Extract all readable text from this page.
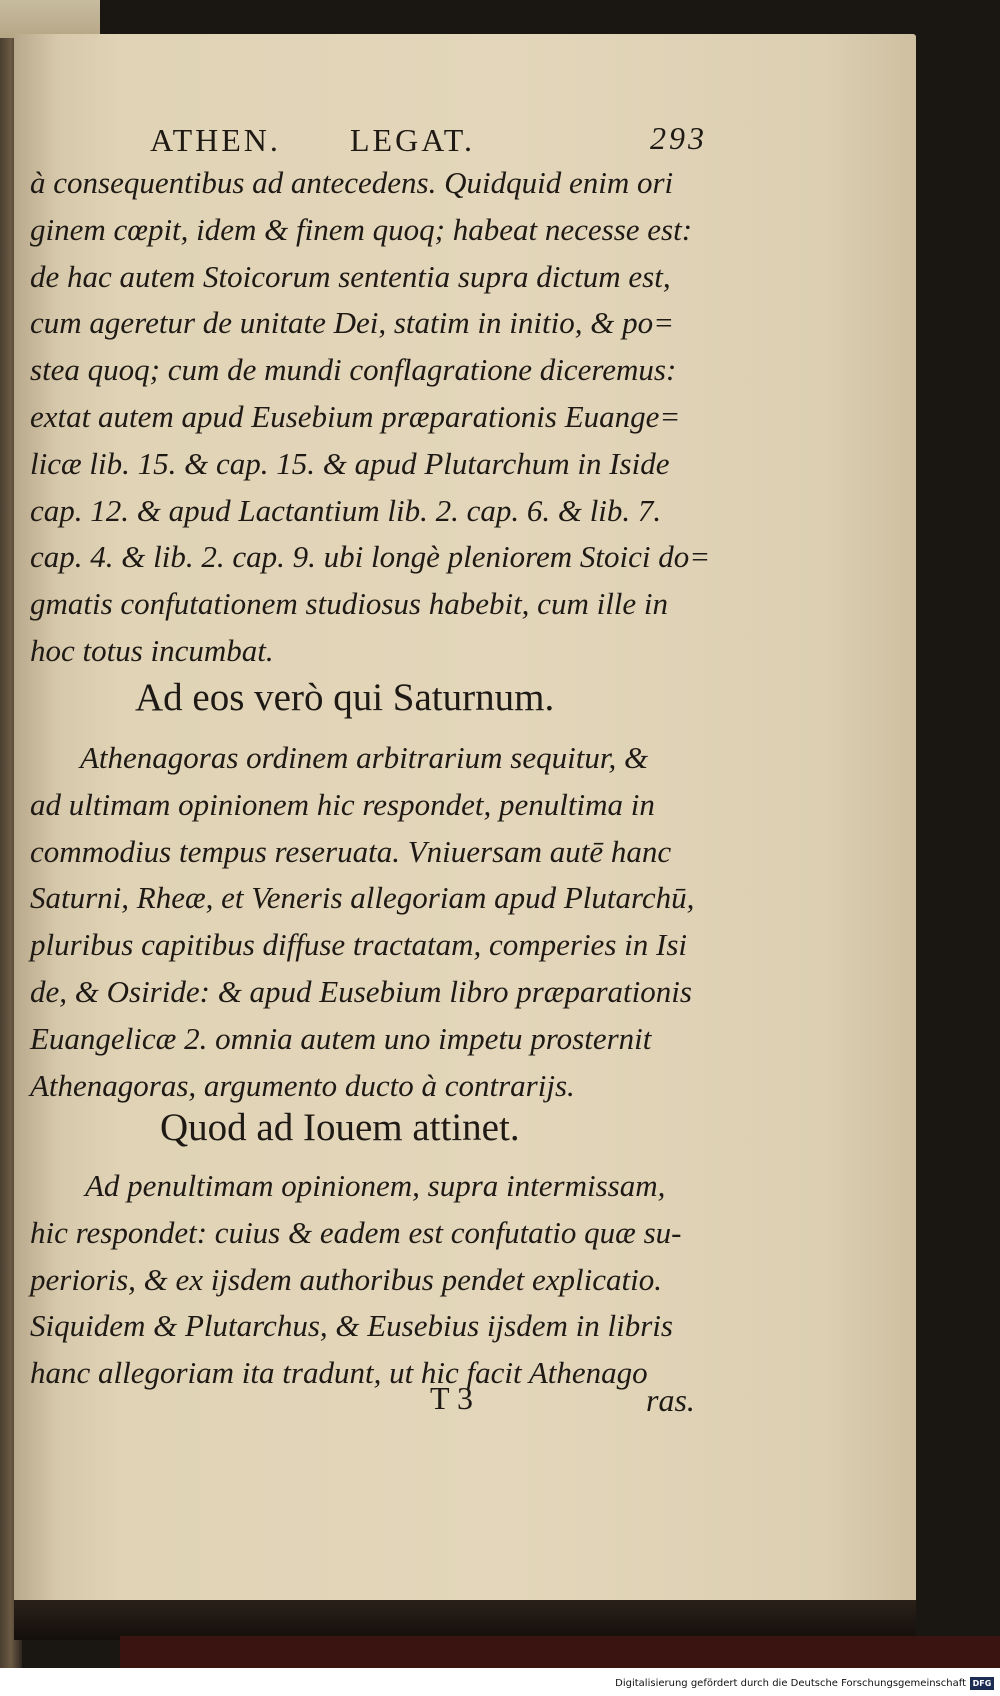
ATHEN. LEGAT.	293
à consequentibus ad antecedens. Quidquid enim ori
ginem cœpit, idem & finem quoq; habeat necesse est:
de hac autem Stoicorum sententia supra dictum est,
cum ageretur de unitate Dei, statim in initio, & po=
stea quoq; cum de mundi conflagratione diceremus:
extat autem apud Eusebium præparationis Euange=
licæ lib. 15. & cap. 15. & apud Plutarchum in Iside
cap. 12. & apud Lactantium lib. 2. cap. 6. & lib. 7.
cap. 4. & lib. 2. cap. 9. ubi longè pleniorem Stoici do=
gmatis confutationem studiosus habebit, cum ille in
hoc totus incumbat.
Ad eos verò qui Saturnum.
Athenagoras ordinem arbitrarium sequitur, &
ad ultimam opinionem hic respondet, penultima in
commodius tempus reseruata. Vniuersam autē hanc
Saturni, Rheæ, et Veneris allegoriam apud Plutarchū,
pluribus capitibus diffuse tractatam, comperies in Isi
de, & Osiride: & apud Eusebium libro præparationis
Euangelicæ 2. omnia autem uno impetu prosternit
Athenagoras, argumento ducto à contrarijs.
Quod ad Iouem attinet.
Ad penultimam opinionem, supra intermissam,
hic respondet: cuius & eadem est confutatio quæ su-
perioris, & ex ijsdem authoribus pendet explicatio.
Siquidem & Plutarchus, & Eusebius ijsdem in libris
hanc allegoriam ita tradunt, ut hic facit Athenago
T 3	ras.
Digitalisierung gefördert durch die Deutsche Forschungsgemeinschaft DFG
